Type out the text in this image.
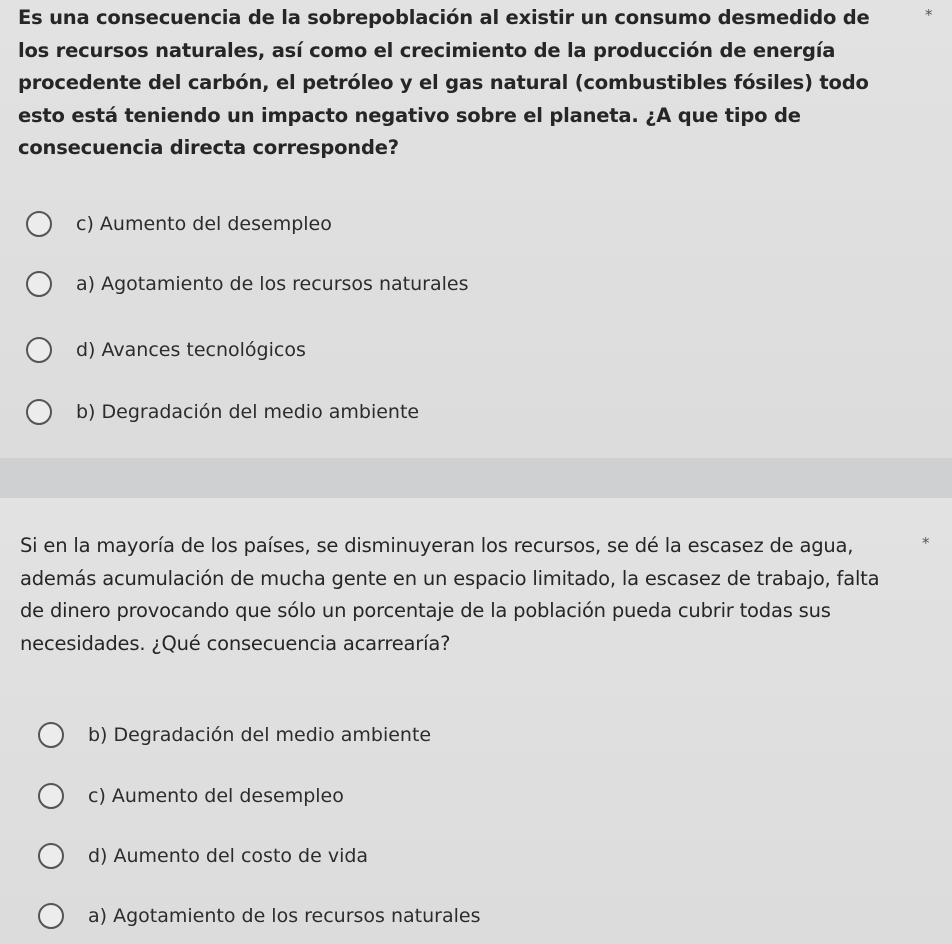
Es una consecuencia de la sobrepoblación al existir un consumo desmedido de los recursos naturales, así como el crecimiento de la producción de energía procedente del carbón, el petróleo y el gas natural (combustibles fósiles) todo esto está teniendo un impacto negativo sobre el planeta. ¿A que tipo de consecuencia directa corresponde?
*
c) Aumento del desempleo
a) Agotamiento de los recursos naturales
d) Avances tecnológicos
b) Degradación del medio ambiente
Si en la mayoría de los países, se disminuyeran los recursos, se dé la escasez de agua, además acumulación de mucha gente en un espacio limitado, la escasez de trabajo, falta de dinero provocando que sólo un porcentaje de la población pueda cubrir todas sus necesidades. ¿Qué consecuencia acarrearía?
*
b) Degradación del medio ambiente
c) Aumento del desempleo
d) Aumento del costo de vida
a) Agotamiento de los recursos naturales
